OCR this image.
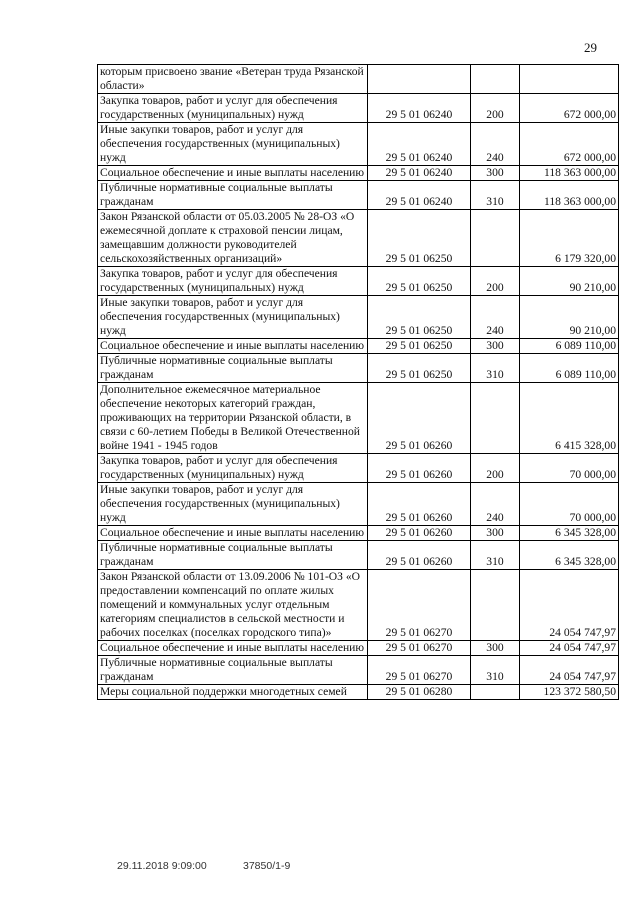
29
которым присвоено звание «Ветеран труда Рязанской области»			
Закупка товаров, работ и услуг для обеспечения государственных (муниципальных) нужд	29 5 01 06240	200	672 000,00
Иные закупки товаров, работ и услуг для обеспечения государственных (муниципальных) нужд	29 5 01 06240	240	672 000,00
Социальное обеспечение и иные выплаты населению	29 5 01 06240	300	118 363 000,00
Публичные нормативные социальные выплаты гражданам	29 5 01 06240	310	118 363 000,00
Закон Рязанской области от 05.03.2005 № 28-ОЗ «О ежемесячной доплате к страховой пенсии лицам, замещавшим должности руководителей сельскохозяйственных организаций»	29 5 01 06250		6 179 320,00
Закупка товаров, работ и услуг для обеспечения государственных (муниципальных) нужд	29 5 01 06250	200	90 210,00
Иные закупки товаров, работ и услуг для обеспечения государственных (муниципальных) нужд	29 5 01 06250	240	90 210,00
Социальное обеспечение и иные выплаты населению	29 5 01 06250	300	6 089 110,00
Публичные нормативные социальные выплаты гражданам	29 5 01 06250	310	6 089 110,00
Дополнительное ежемесячное материальное обеспечение некоторых категорий граждан, проживающих на территории Рязанской области, в связи с 60-летием Победы в Великой Отечественной войне 1941 - 1945 годов	29 5 01 06260		6 415 328,00
Закупка товаров, работ и услуг для обеспечения государственных (муниципальных) нужд	29 5 01 06260	200	70 000,00
Иные закупки товаров, работ и услуг для обеспечения государственных (муниципальных) нужд	29 5 01 06260	240	70 000,00
Социальное обеспечение и иные выплаты населению	29 5 01 06260	300	6 345 328,00
Публичные нормативные социальные выплаты гражданам	29 5 01 06260	310	6 345 328,00
Закон Рязанской области от 13.09.2006 № 101-ОЗ «О предоставлении компенсаций по оплате жилых помещений и коммунальных услуг отдельным категориям специалистов в сельской местности и рабочих поселках (поселках городского типа)»	29 5 01 06270		24 054 747,97
Социальное обеспечение и иные выплаты населению	29 5 01 06270	300	24 054 747,97
Публичные нормативные социальные выплаты гражданам	29 5 01 06270	310	24 054 747,97
Меры социальной поддержки многодетных семей	29 5 01 06280		123 372 580,50
29.11.2018 9:09:00	37850/1-9
